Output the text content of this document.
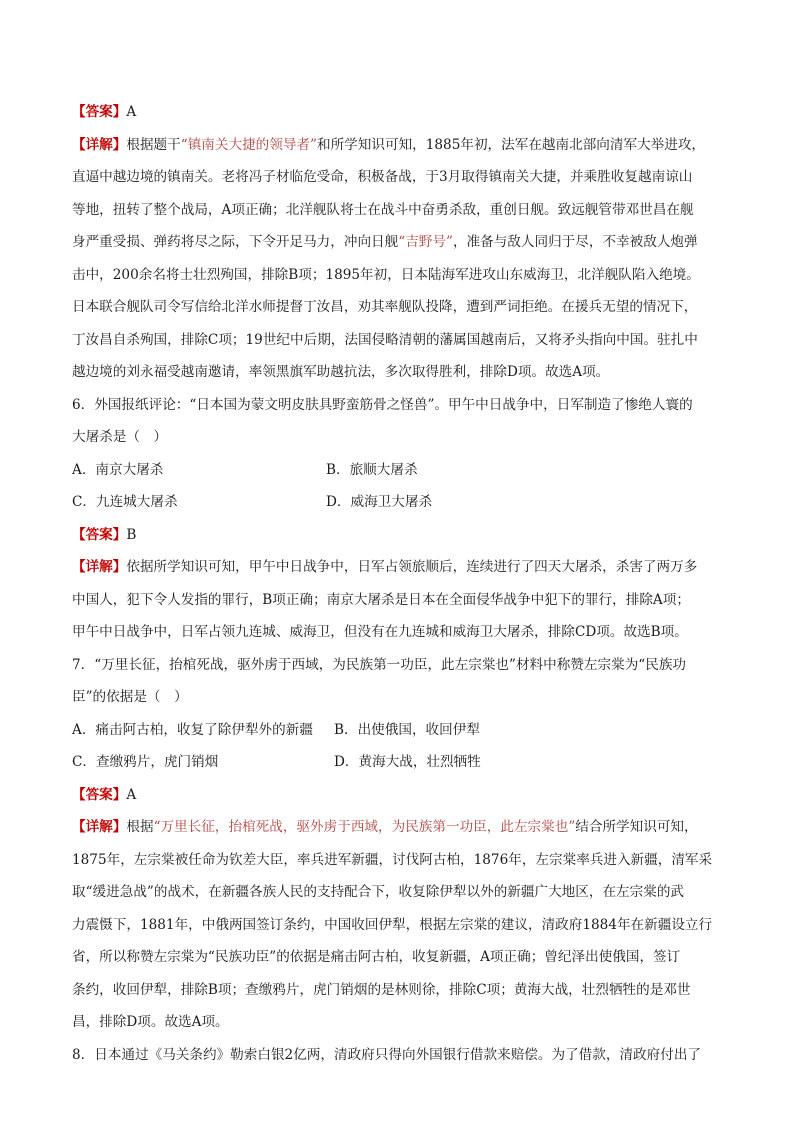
【答案】A
【详解】根据题干“镇南关大捷的领导者”和所学知识可知，1885年初，法军在越南北部向清军大举进攻，
直逼中越边境的镇南关。老将冯子材临危受命，积极备战，于3月取得镇南关大捷，并乘胜收复越南谅山
等地，扭转了整个战局，A项正确；北洋舰队将士在战斗中奋勇杀敌，重创日舰。致远舰管带邓世昌在舰
身严重受损、弹药将尽之际，下令开足马力，冲向日舰“吉野号”，准备与敌人同归于尽，不幸被敌人炮弹
击中，200余名将士壮烈殉国，排除B项；1895年初，日本陆海军进攻山东威海卫，北洋舰队陷入绝境。
日本联合舰队司令写信给北洋水师提督丁汝昌，劝其率舰队投降，遭到严词拒绝。在援兵无望的情况下，
丁汝昌自杀殉国，排除C项；19世纪中后期，法国侵略清朝的藩属国越南后，又将矛头指向中国。驻扎中
越边境的刘永福受越南邀请，率领黑旗军助越抗法，多次取得胜利，排除D项。故选A项。
6．外国报纸评论：“日本国为蒙文明皮肤具野蛮筋骨之怪兽”。甲午中日战争中，日军制造了惨绝人寰的
大屠杀是（　）
A．南京大屠杀	B．旅顺大屠杀
C．九连城大屠杀	D．威海卫大屠杀
【答案】B
【详解】依据所学知识可知，甲午中日战争中，日军占领旅顺后，连续进行了四天大屠杀，杀害了两万多
中国人，犯下令人发指的罪行，B项正确；南京大屠杀是日本在全面侵华战争中犯下的罪行，排除A项；
甲午中日战争中，日军占领九连城、威海卫，但没有在九连城和威海卫大屠杀，排除CD项。故选B项。
7．“万里长征，抬棺死战，驱外虏于西域，为民族第一功臣，此左宗棠也”材料中称赞左宗棠为“民族功
臣”的依据是（　）
A．痛击阿古柏，收复了除伊犁外的新疆 B．出使俄国，收回伊犁
C．查缴鸦片，虎门销烟	D．黄海大战，壮烈牺牲
【答案】A
【详解】根据“万里长征，抬棺死战，驱外虏于西域，为民族第一功臣，此左宗棠也”结合所学知识可知，
1875年，左宗棠被任命为钦差大臣，率兵进军新疆，讨伐阿古柏，1876年，左宗棠率兵进入新疆，清军采
取“缓进急战”的战术，在新疆各族人民的支持配合下，收复除伊犁以外的新疆广大地区，在左宗棠的武
力震慑下，1881年，中俄两国签订条约，中国收回伊犁，根据左宗棠的建议，清政府1884年在新疆设立行
省，所以称赞左宗棠为“民族功臣”的依据是痛击阿古柏，收复新疆，A项正确；曾纪泽出使俄国，签订
条约，收回伊犁，排除B项；查缴鸦片，虎门销烟的是林则徐，排除C项；黄海大战，壮烈牺牲的是邓世
昌，排除D项。故选A项。
8．日本通过《马关条约》勒索白银2亿两，清政府只得向外国银行借款来赔偿。为了借款，清政府付出了
